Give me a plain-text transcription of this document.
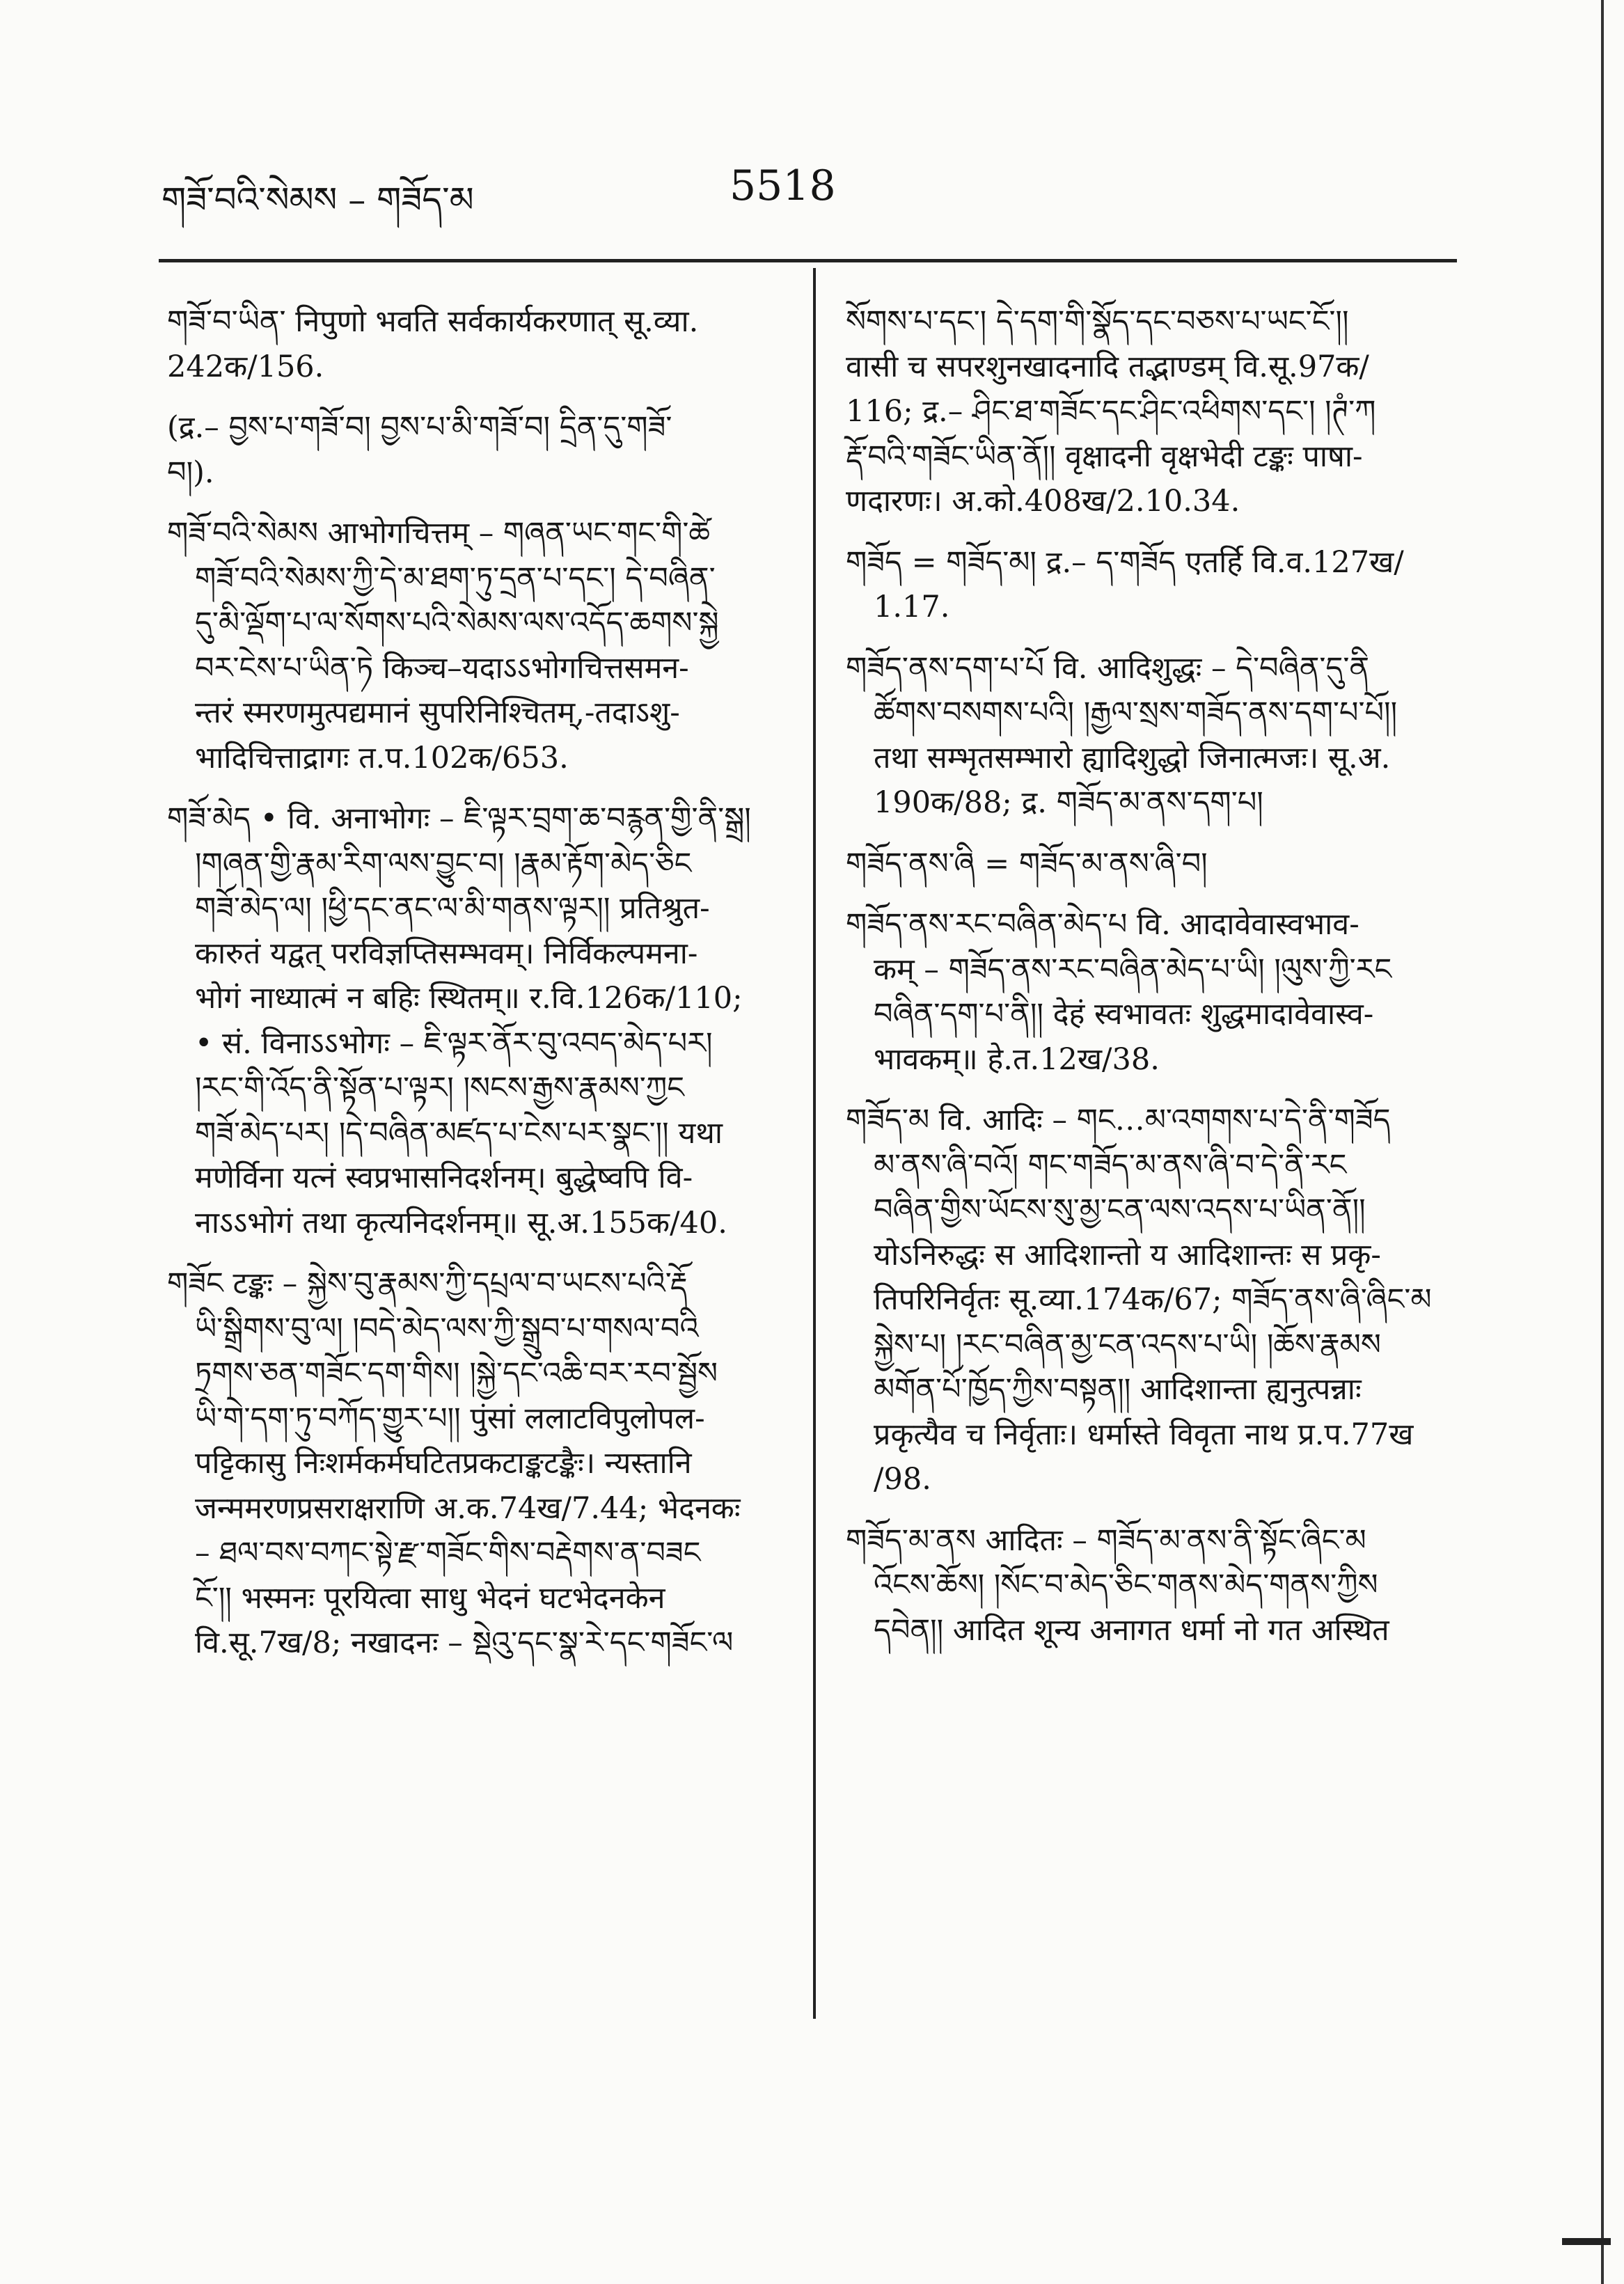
གཟོ་བའི་སེམས – གཟོད་མ	5518

གཟོ་བ་ཡིན་ निपुणो भवति सर्वकार्यकरणात् सू.व्या.
242क/156.

(द्र.– བྱས་པ་གཟོ་བ། བྱས་པ་མི་གཟོ་བ། དྲིན་དུ་གཟོ་
བ།).

གཟོ་བའི་སེམས आभोगचित्तम् – གཞན་ཡང་གང་གི་ཚེ
གཟོ་བའི་སེམས་ཀྱི་དེ་མ་ཐག་ཏུ་དྲན་པ་དང་། དེ་བཞིན་
དུ་མི་ལྡོག་པ་ལ་སོགས་པའི་སེམས་ལས་འདོད་ཆགས་སྐྱེ
བར་ངེས་པ་ཡིན་ཏེ किञ्च–यदाऽऽभोगचित्तसमन-
न्तरं स्मरणमुत्पद्यमानं सुपरिनिश्चितम्,-तदाऽशु-
भादिचित्ताद्रागः त.प.102क/653.

གཟོ་མེད • वि. अनाभोगः – ཇི་ལྟར་བྲག་ཆ་བརྙན་གྱི་ནི་སྒྲ།
།གཞན་གྱི་རྣམ་རིག་ལས་བྱུང་བ། །རྣམ་རྟོག་མེད་ཅིང
གཟོ་མེད་ལ། །ཕྱི་དང་ནང་ལ་མི་གནས་ལྟར།། प्रतिश्रुत-
कारुतं यद्वत् परविज्ञप्तिसम्भवम्। निर्विकल्पमना-
भोगं नाध्यात्मं न बहिः स्थितम्॥ र.वि.126क/110;
• सं. विनाऽऽभोगः – ཇི་ལྟར་ནོར་བུ་འབད་མེད་པར།
།རང་གི་འོད་ནི་སྟོན་པ་ལྟར། །སངས་རྒྱས་རྣམས་ཀྱང
གཟོ་མེད་པར། །དེ་བཞིན་མཛད་པ་ངེས་པར་སྣང་།། यथा
मणेर्विना यत्नं स्वप्रभासनिदर्शनम्। बुद्धेष्वपि वि-
नाऽऽभोगं तथा कृत्यनिदर्शनम्॥ सू.अ.155क/40.

གཟོང टङ्कः – སྐྱེས་བུ་རྣམས་ཀྱི་དཔྲལ་བ་ཡངས་པའི་རྡོ
ཡི་སྒྲིགས་བུ་ལ། །བདེ་མེད་ལས་ཀྱི་སྒྲུབ་པ་གསལ་བའི
ཏྲགས་ཅན་གཟོང་དག་གིས། །སྐྱེ་དང་འཆི་བར་རབ་སྦྱོས
ཡི་གེ་དག་ཏུ་བཀོད་གྱུར་པ།། पुंसां ललाटविपुलोपल-
पट्टिकासु निःशर्मकर्मघटितप्रकटाङ्कटङ्कैः। न्यस्तानि
जन्ममरणप्रसराक्षराणि अ.क.74ख/7.44; भेदनकः
– ཐལ་བས་བཀང་སྟེ་རྫ་གཟོང་གིས་བརྡེགས་ན་བཟང
ངོ་།། भस्मनः पूरयित्वा साधु भेदनं घटभेदनकेन
वि.सू.7ख/8; नखादनः – སྡེའུ་དང་སྣ་རེ་དང་གཟོང་ལ

སོགས་པ་དང་། དེ་དག་གི་སྣོད་དང་བཅས་པ་ཡང་ངོ་།།
वासी च सपरशुनखादनादि तद्भाण्डम् वि.सू.97क/
116; द्र.– ཤིང་ཐ་གཟོང་དང་ཤིང་འཕིགས་དང་། །ཊཾ་ཀ
རྡོ་བའི་གཟོང་ཡིན་ནོ།། वृक्षादनी वृक्षभेदी टङ्कः पाषा-
णदारणः। अ.को.408ख/2.10.34.

གཟོད = གཟོད་མ། द्र.– ད་གཟོད एतर्हि वि.व.127ख/
1.17.

གཟོད་ནས་དག་པ་པོ वि. आदिशुद्धः – དེ་བཞིན་དུ་ནི
ཚོགས་བསགས་པའི། །རྒྱལ་སྲས་གཟོད་ནས་དག་པ་པོ།།
तथा सम्भृतसम्भारो ह्यादिशुद्धो जिनात्मजः। सू.अ.
190क/88; द्र. གཟོད་མ་ནས་དག་པ།

གཟོད་ནས་ཞི = གཟོད་མ་ནས་ཞི་བ།

གཟོད་ནས་རང་བཞིན་མེད་པ वि. आदावेवास्वभाव-
कम् – གཟོད་ནས་རང་བཞིན་མེད་པ་ཡི། །ལུས་ཀྱི་རང
བཞིན་དག་པ་ནི།། देहं स्वभावतः शुद्धमादावेवास्व-
भावकम्॥ हे.त.12ख/38.

གཟོད་མ वि. आदिः – གང…མ་འགགས་པ་དེ་ནི་གཟོད
མ་ནས་ཞི་བའོ། གང་གཟོད་མ་ནས་ཞི་བ་དེ་ནི་རང
བཞིན་གྱིས་ཡོངས་སུ་མྱ་ངན་ལས་འདས་པ་ཡིན་ནོ།།
योऽनिरुद्धः स आदिशान्तो य आदिशान्तः स प्रकृ-
तिपरिनिर्वृतः सू.व्या.174क/67; གཟོད་ནས་ཞི་ཞིང་མ
སྐྱེས་པ། །རང་བཞིན་མྱ་ངན་འདས་པ་ཡི། །ཆོས་རྣམས
མགོན་པོ་ཁྱོད་ཀྱིས་བསྟན།། आदिशान्ता ह्यनुत्पन्नाः
प्रकृत्यैव च निर्वृताः। धर्मास्ते विवृता नाथ प्र.प.77ख
/98.

གཟོད་མ་ནས आदितः – གཟོད་མ་ནས་ནི་སྟོང་ཞིང་མ
འོངས་ཆོས། །སོང་བ་མེད་ཅིང་གནས་མེད་གནས་ཀྱིས
དབེན།། आदित शून्य अनागत धर्मा नो गत अस्थित
